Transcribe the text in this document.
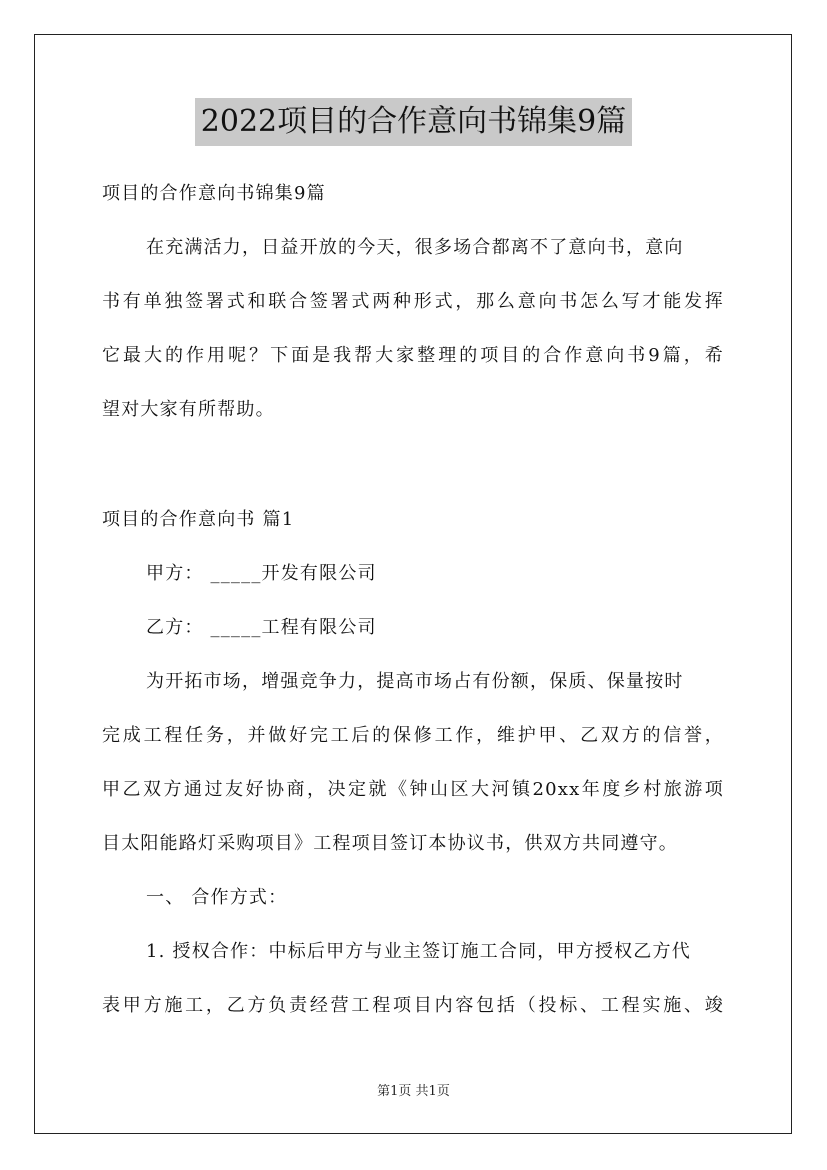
2022项目的合作意向书锦集9篇
项目的合作意向书锦集9篇
在充满活力，日益开放的今天，很多场合都离不了意向书，意向
书有单独签署式和联合签署式两种形式，那么意向书怎么写才能发挥
它最大的作用呢？下面是我帮大家整理的项目的合作意向书9篇，希
望对大家有所帮助。
项目的合作意向书 篇1
甲方： _____开发有限公司
乙方： _____工程有限公司
为开拓市场，增强竞争力，提高市场占有份额，保质、保量按时
完成工程任务，并做好完工后的保修工作，维护甲、乙双方的信誉，
甲乙双方通过友好协商，决定就《钟山区大河镇20xx年度乡村旅游项
目太阳能路灯采购项目》工程项目签订本协议书，供双方共同遵守。
一、 合作方式：
1. 授权合作：中标后甲方与业主签订施工合同，甲方授权乙方代
表甲方施工，乙方负责经营工程项目内容包括（投标、工程实施、竣
第1页 共1页
